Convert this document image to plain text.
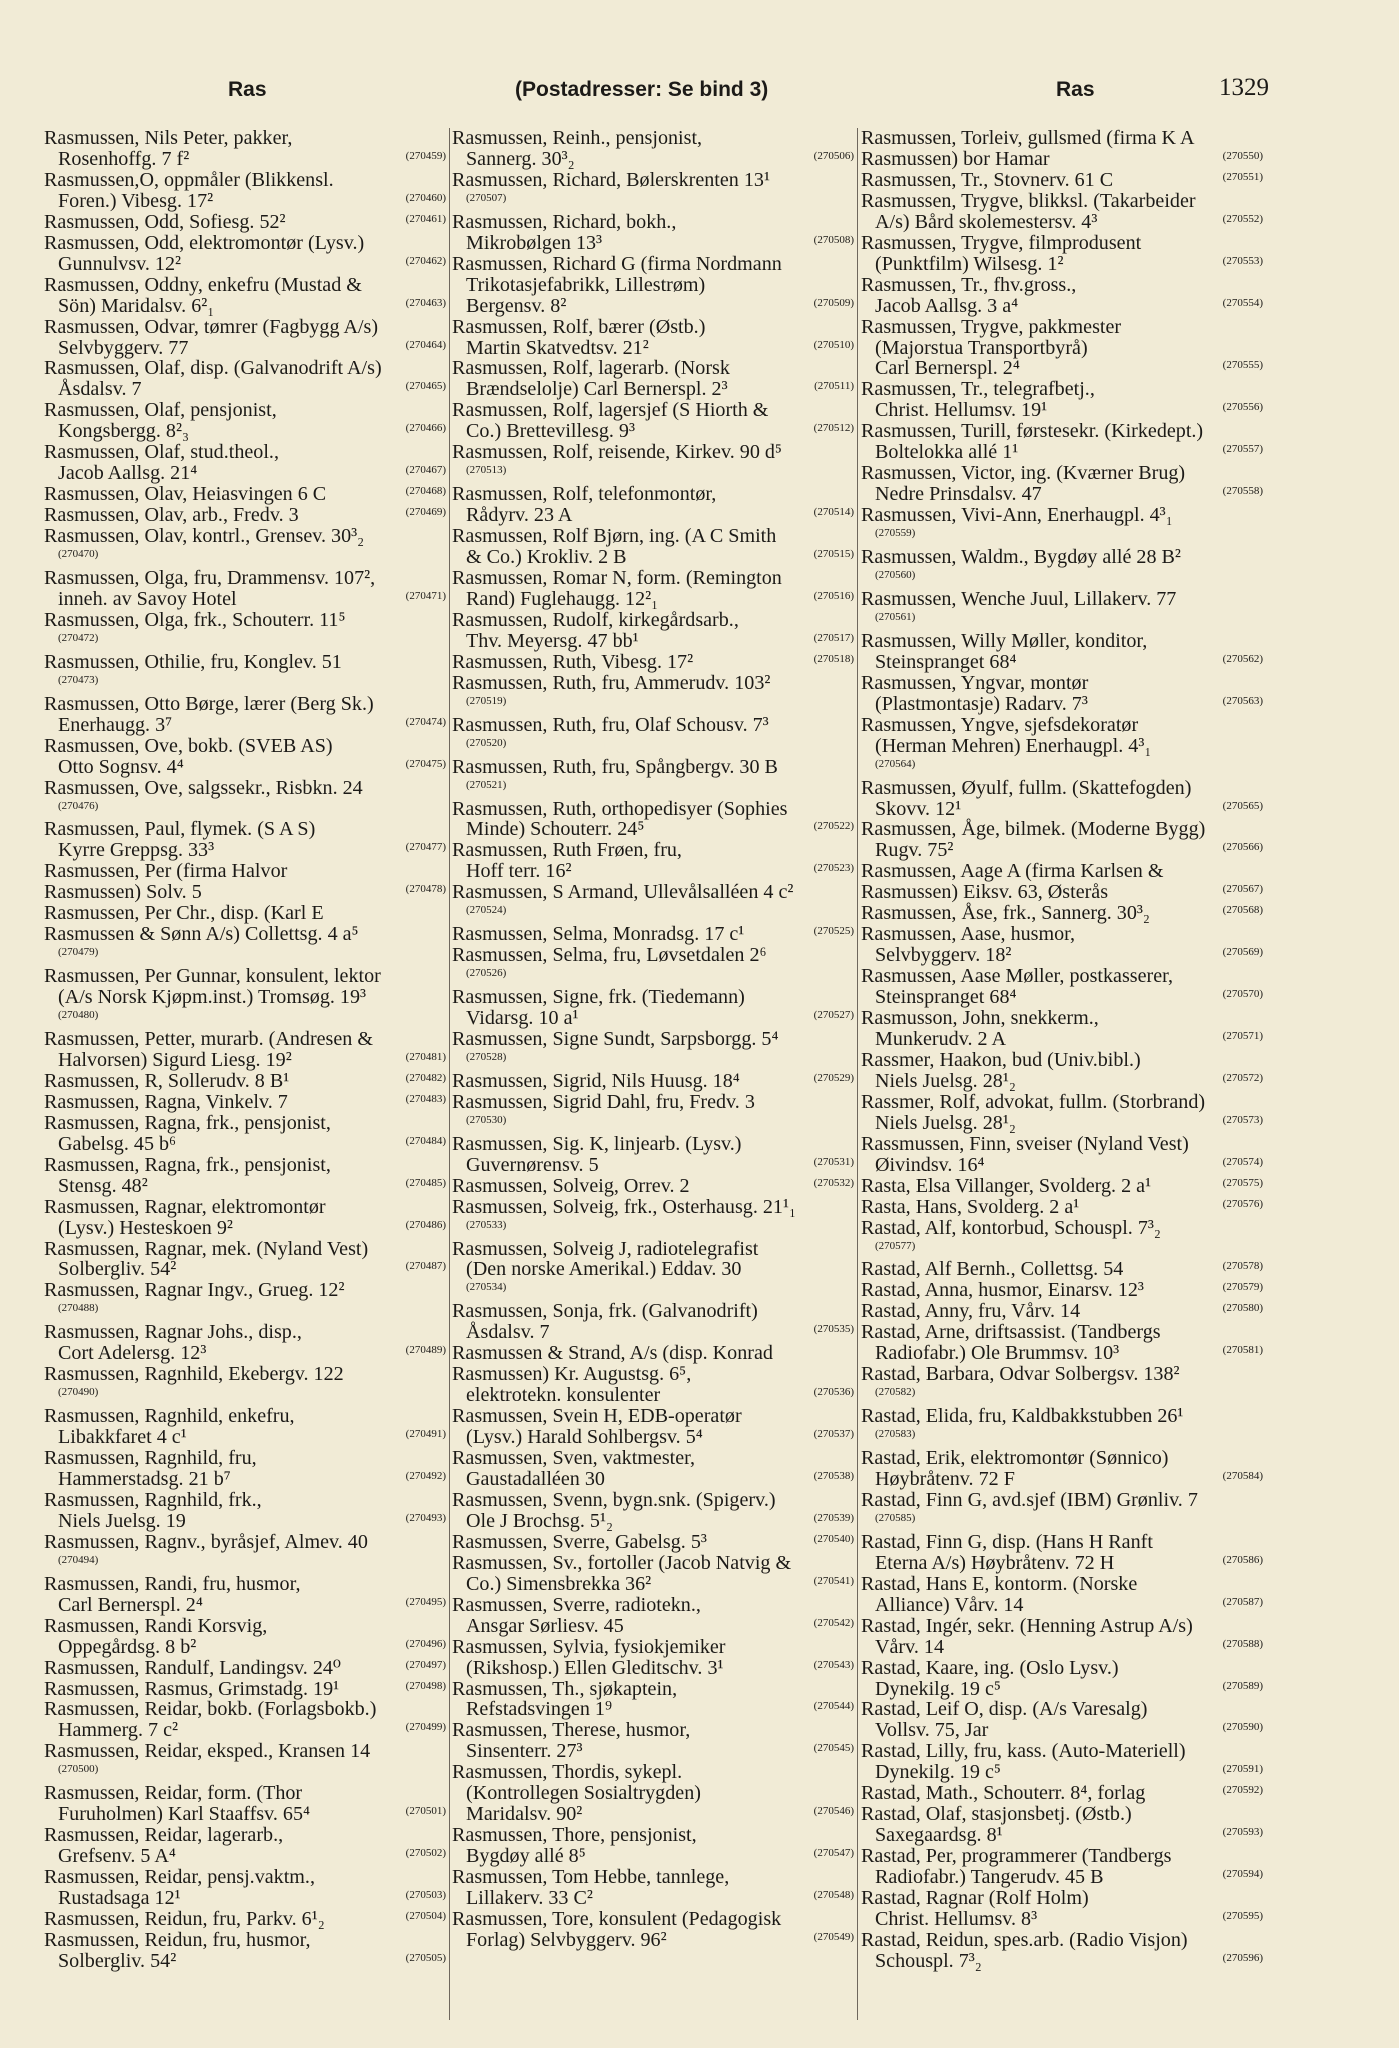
Ras	(Postadresser: Se bind 3)	Ras	1329
Rasmussen, Nils Peter, pakker,
Rosenhoffg. 7 f²	(270459)
Rasmussen,O, oppmåler (Blikkensl.
Foren.) Vibesg. 17²	(270460)
Rasmussen, Odd, Sofiesg. 52²	(270461)
Rasmussen, Odd, elektromontør (Lysv.)
Gunnulvsv. 12²	(270462)
Rasmussen, Oddny, enkefru (Mustad &
Sön) Maridalsv. 6²₁	(270463)
Rasmussen, Odvar, tømrer (Fagbygg A/s)
Selvbyggerv. 77	(270464)
Rasmussen, Olaf, disp. (Galvanodrift A/s)
Åsdalsv. 7	(270465)
Rasmussen, Olaf, pensjonist,
Kongsbergg. 8²₃	(270466)
Rasmussen, Olaf, stud.theol.,
Jacob Aallsg. 21⁴	(270467)
Rasmussen, Olav, Heiasvingen 6 C	(270468)
Rasmussen, Olav, arb., Fredv. 3	(270469)
Rasmussen, Olav, kontrl., Grensev. 30³₂

(270470)
Rasmussen, Olga, fru, Drammensv. 107²,
inneh. av Savoy Hotel	(270471)
Rasmussen, Olga, frk., Schouterr. 11⁵

(270472)
Rasmussen, Othilie, fru, Konglev. 51

(270473)
Rasmussen, Otto Børge, lærer (Berg Sk.)
Enerhaugg. 3⁷	(270474)
Rasmussen, Ove, bokb. (SVEB AS)
Otto Sognsv. 4⁴	(270475)
Rasmussen, Ove, salgssekr., Risbkn. 24

(270476)
Rasmussen, Paul, flymek. (S A S)
Kyrre Greppsg. 33³	(270477)
Rasmussen, Per (firma Halvor
Rasmussen) Solv. 5	(270478)
Rasmussen, Per Chr., disp. (Karl E
Rasmussen & Sønn A/s) Collettsg. 4 a⁵

(270479)
Rasmussen, Per Gunnar, konsulent, lektor
(A/s Norsk Kjøpm.inst.) Tromsøg. 19³

(270480)
Rasmussen, Petter, murarb. (Andresen &
Halvorsen) Sigurd Liesg. 19²	(270481)
Rasmussen, R, Sollerudv. 8 B¹	(270482)
Rasmussen, Ragna, Vinkelv. 7	(270483)
Rasmussen, Ragna, frk., pensjonist,
Gabelsg. 45 b⁶	(270484)
Rasmussen, Ragna, frk., pensjonist,
Stensg. 48²	(270485)
Rasmussen, Ragnar, elektromontør
(Lysv.) Hesteskoen 9²	(270486)
Rasmussen, Ragnar, mek. (Nyland Vest)
Solbergliv. 54²	(270487)
Rasmussen, Ragnar Ingv., Grueg. 12²

(270488)
Rasmussen, Ragnar Johs., disp.,
Cort Adelersg. 12³	(270489)
Rasmussen, Ragnhild, Ekebergv. 122

(270490)
Rasmussen, Ragnhild, enkefru,
Libakkfaret 4 c¹	(270491)
Rasmussen, Ragnhild, fru,
Hammerstadsg. 21 b⁷	(270492)
Rasmussen, Ragnhild, frk.,
Niels Juelsg. 19	(270493)
Rasmussen, Ragnv., byråsjef, Almev. 40

(270494)
Rasmussen, Randi, fru, husmor,
Carl Bernerspl. 2⁴	(270495)
Rasmussen, Randi Korsvig,
Oppegårdsg. 8 b²	(270496)
Rasmussen, Randulf, Landingsv. 24⁰	(270497)
Rasmussen, Rasmus, Grimstadg. 19¹	(270498)
Rasmussen, Reidar, bokb. (Forlagsbokb.)
Hammerg. 7 c²	(270499)
Rasmussen, Reidar, eksped., Kransen 14

(270500)
Rasmussen, Reidar, form. (Thor
Furuholmen) Karl Staaffsv. 65⁴	(270501)
Rasmussen, Reidar, lagerarb.,
Grefsenv. 5 A⁴	(270502)
Rasmussen, Reidar, pensj.vaktm.,
Rustadsaga 12¹	(270503)
Rasmussen, Reidun, fru, Parkv. 6¹₂	(270504)
Rasmussen, Reidun, fru, husmor,
Solbergliv. 54²	(270505)
Rasmussen, Reinh., pensjonist,
Sannerg. 30³₂	(270506)
Rasmussen, Richard, Bølerskrenten 13¹

(270507)
Rasmussen, Richard, bokh.,
Mikrobølgen 13³	(270508)
Rasmussen, Richard G (firma Nordmann
Trikotasjefabrikk, Lillestrøm)
Bergensv. 8²	(270509)
Rasmussen, Rolf, bærer (Østb.)
Martin Skatvedtsv. 21²	(270510)
Rasmussen, Rolf, lagerarb. (Norsk
Brændselolje) Carl Bernerspl. 2³	(270511)
Rasmussen, Rolf, lagersjef (S Hiorth &
Co.) Brettevillesg. 9³	(270512)
Rasmussen, Rolf, reisende, Kirkev. 90 d⁵

(270513)
Rasmussen, Rolf, telefonmontør,
Rådyrv. 23 A	(270514)
Rasmussen, Rolf Bjørn, ing. (A C Smith
& Co.) Krokliv. 2 B	(270515)
Rasmussen, Romar N, form. (Remington
Rand) Fuglehaugg. 12²₁	(270516)
Rasmussen, Rudolf, kirkegårdsarb.,
Thv. Meyersg. 47 bb¹	(270517)
Rasmussen, Ruth, Vibesg. 17²	(270518)
Rasmussen, Ruth, fru, Ammerudv. 103²

(270519)
Rasmussen, Ruth, fru, Olaf Schousv. 7³

(270520)
Rasmussen, Ruth, fru, Spångbergv. 30 B

(270521)
Rasmussen, Ruth, orthopedisyer (Sophies
Minde) Schouterr. 24⁵	(270522)
Rasmussen, Ruth Frøen, fru,
Hoff terr. 16²	(270523)
Rasmussen, S Armand, Ullevålsalléen 4 c²

(270524)
Rasmussen, Selma, Monradsg. 17 c¹	(270525)
Rasmussen, Selma, fru, Løvsetdalen 2⁶

(270526)
Rasmussen, Signe, frk. (Tiedemann)
Vidarsg. 10 a¹	(270527)
Rasmussen, Signe Sundt, Sarpsborgg. 5⁴

(270528)
Rasmussen, Sigrid, Nils Huusg. 18⁴	(270529)
Rasmussen, Sigrid Dahl, fru, Fredv. 3

(270530)
Rasmussen, Sig. K, linjearb. (Lysv.)
Guvernørensv. 5	(270531)
Rasmussen, Solveig, Orrev. 2	(270532)
Rasmussen, Solveig, frk., Osterhausg. 21¹₁

(270533)
Rasmussen, Solveig J, radiotelegrafist
(Den norske Amerikal.) Eddav. 30

(270534)
Rasmussen, Sonja, frk. (Galvanodrift)
Åsdalsv. 7	(270535)
Rasmussen & Strand, A/s (disp. Konrad
Rasmussen) Kr. Augustsg. 6⁵,
elektrotekn. konsulenter	(270536)
Rasmussen, Svein H, EDB-operatør
(Lysv.) Harald Sohlbergsv. 5⁴	(270537)
Rasmussen, Sven, vaktmester,
Gaustadalléen 30	(270538)
Rasmussen, Svenn, bygn.snk. (Spigerv.)
Ole J Brochsg. 5¹₂	(270539)
Rasmussen, Sverre, Gabelsg. 5³	(270540)
Rasmussen, Sv., fortoller (Jacob Natvig &
Co.) Simensbrekka 36²	(270541)
Rasmussen, Sverre, radiotekn.,
Ansgar Sørliesv. 45	(270542)
Rasmussen, Sylvia, fysiokjemiker
(Rikshosp.) Ellen Gleditschv. 3¹	(270543)
Rasmussen, Th., sjøkaptein,
Refstadsvingen 1⁹	(270544)
Rasmussen, Therese, husmor,
Sinsenterr. 27³	(270545)
Rasmussen, Thordis, sykepl.
(Kontrollegen Sosialtrygden)
Maridalsv. 90²	(270546)
Rasmussen, Thore, pensjonist,
Bygdøy allé 8⁵	(270547)
Rasmussen, Tom Hebbe, tannlege,
Lillakerv. 33 C²	(270548)
Rasmussen, Tore, konsulent (Pedagogisk
Forlag) Selvbyggerv. 96²	(270549)
Rasmussen, Torleiv, gullsmed (firma K A
Rasmussen) bor Hamar	(270550)
Rasmussen, Tr., Stovnerv. 61 C	(270551)
Rasmussen, Trygve, blikksl. (Takarbeider
A/s) Bård skolemestersv. 4³	(270552)
Rasmussen, Trygve, filmprodusent
(Punktfilm) Wilsesg. 1²	(270553)
Rasmussen, Tr., fhv.gross.,
Jacob Aallsg. 3 a⁴	(270554)
Rasmussen, Trygve, pakkmester
(Majorstua Transportbyrå)
Carl Bernerspl. 2⁴	(270555)
Rasmussen, Tr., telegrafbetj.,
Christ. Hellumsv. 19¹	(270556)
Rasmussen, Turill, førstesekr. (Kirkedept.)
Boltelokka allé 1¹	(270557)
Rasmussen, Victor, ing. (Kværner Brug)
Nedre Prinsdalsv. 47	(270558)
Rasmussen, Vivi-Ann, Enerhaugpl. 4³₁

(270559)
Rasmussen, Waldm., Bygdøy allé 28 B²

(270560)
Rasmussen, Wenche Juul, Lillakerv. 77

(270561)
Rasmussen, Willy Møller, konditor,
Steinspranget 68⁴	(270562)
Rasmussen, Yngvar, montør
(Plastmontasje) Radarv. 7³	(270563)
Rasmussen, Yngve, sjefsdekoratør
(Herman Mehren) Enerhaugpl. 4³₁

(270564)
Rasmussen, Øyulf, fullm. (Skattefogden)
Skovv. 12¹	(270565)
Rasmussen, Åge, bilmek. (Moderne Bygg)
Rugv. 75²	(270566)
Rasmussen, Aage A (firma Karlsen &
Rasmussen) Eiksv. 63, Østerås	(270567)
Rasmussen, Åse, frk., Sannerg. 30³₂	(270568)
Rasmussen, Aase, husmor,
Selvbyggerv. 18²	(270569)
Rasmussen, Aase Møller, postkasserer,
Steinspranget 68⁴	(270570)
Rasmusson, John, snekkerm.,
Munkerudv. 2 A	(270571)
Rassmer, Haakon, bud (Univ.bibl.)
Niels Juelsg. 28¹₂	(270572)
Rassmer, Rolf, advokat, fullm. (Storbrand)
Niels Juelsg. 28¹₂	(270573)
Rassmussen, Finn, sveiser (Nyland Vest)
Øivindsv. 16⁴	(270574)
Rasta, Elsa Villanger, Svolderg. 2 a¹	(270575)
Rasta, Hans, Svolderg. 2 a¹	(270576)
Rastad, Alf, kontorbud, Schouspl. 7³₂

(270577)
Rastad, Alf Bernh., Collettsg. 54	(270578)
Rastad, Anna, husmor, Einarsv. 12³	(270579)
Rastad, Anny, fru, Vårv. 14	(270580)
Rastad, Arne, driftsassist. (Tandbergs
Radiofabr.) Ole Brummsv. 10³	(270581)
Rastad, Barbara, Odvar Solbergsv. 138²

(270582)
Rastad, Elida, fru, Kaldbakkstubben 26¹

(270583)
Rastad, Erik, elektromontør (Sønnico)
Høybråtenv. 72 F	(270584)
Rastad, Finn G, avd.sjef (IBM) Grønliv. 7

(270585)
Rastad, Finn G, disp. (Hans H Ranft
Eterna A/s) Høybråtenv. 72 H	(270586)
Rastad, Hans E, kontorm. (Norske
Alliance) Vårv. 14	(270587)
Rastad, Ingér, sekr. (Henning Astrup A/s)
Vårv. 14	(270588)
Rastad, Kaare, ing. (Oslo Lysv.)
Dynekilg. 19 c⁵	(270589)
Rastad, Leif O, disp. (A/s Varesalg)
Vollsv. 75, Jar	(270590)
Rastad, Lilly, fru, kass. (Auto-Materiell)
Dynekilg. 19 c⁵	(270591)
Rastad, Math., Schouterr. 8⁴, forlag	(270592)
Rastad, Olaf, stasjonsbetj. (Østb.)
Saxegaardsg. 8¹	(270593)
Rastad, Per, programmerer (Tandbergs
Radiofabr.) Tangerudv. 45 B	(270594)
Rastad, Ragnar (Rolf Holm)
Christ. Hellumsv. 8³	(270595)
Rastad, Reidun, spes.arb. (Radio Visjon)
Schouspl. 7³₂	(270596)
